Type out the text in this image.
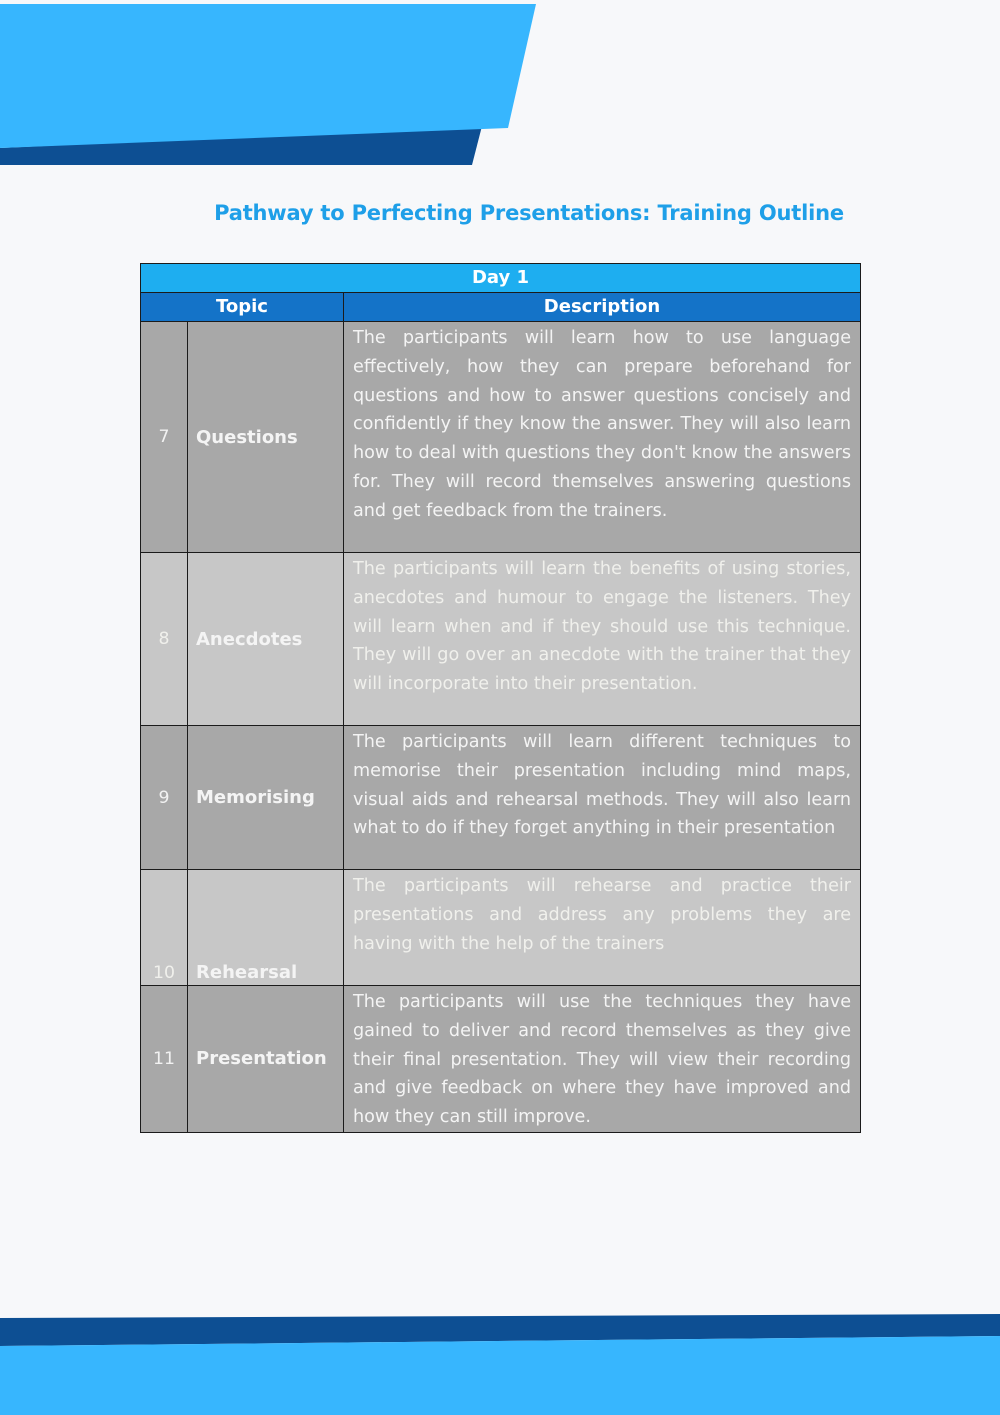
Pathway to Perfecting Presentations: Training Outline
Day 1		
Topic		Description
7	Questions	The participants will learn how to use language effectively, how they can prepare beforehand for questions and how to answer questions concisely and confidently if they know the answer. They will also learn how to deal with questions they don't know the answers for. They will record themselves answering questions and get feedback from the trainers.
8	Anecdotes	The participants will learn the benefits of using stories, anecdotes and humour to engage the listeners. They will learn when and if they should use this technique. They will go over an anecdote with the trainer that they will incorporate into their presentation.
9	Memorising	The participants will learn different techniques to memorise their presentation including mind maps, visual aids and rehearsal methods. They will also learn what to do if they forget anything in their presentation
10	Rehearsal	The participants will rehearse and practice their presentations and address any problems they are having with the help of the trainers
11	Presentation	The participants will use the techniques they have gained to deliver and record themselves as they give their final presentation. They will view their recording and give feedback on where they have improved and how they can still improve.
